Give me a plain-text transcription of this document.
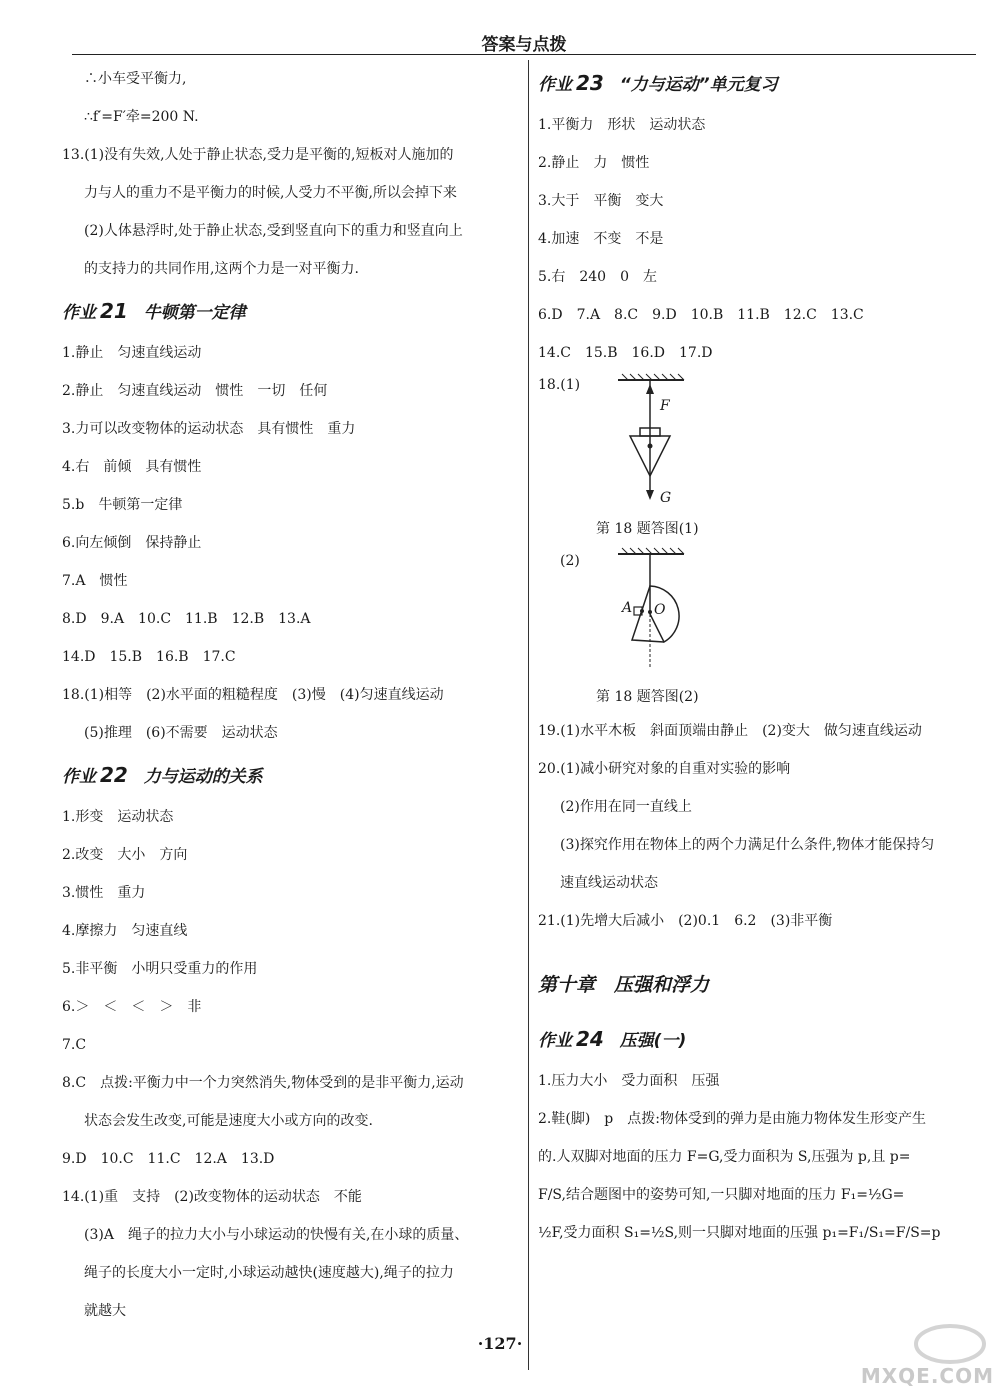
答案与点拨
∴小车受平衡力,
∴f′=F′牵=200 N.
13.(1)没有失效,人处于静止状态,受力是平衡的,短板对人施加的
力与人的重力不是平衡力的时候,人受力不平衡,所以会掉下来
(2)人体悬浮时,处于静止状态,受到竖直向下的重力和竖直向上
的支持力的共同作用,这两个力是一对平衡力.
作业 21 牛顿第一定律
1.静止　匀速直线运动
2.静止　匀速直线运动　惯性　一切　任何
3.力可以改变物体的运动状态　具有惯性　重力
4.右　前倾　具有惯性
5.b　牛顿第一定律
6.向左倾倒　保持静止
7.A　惯性
8.D　9.A　10.C　11.B　12.B　13.A
14.D　15.B　16.B　17.C
18.(1)相等　(2)水平面的粗糙程度　(3)慢　(4)匀速直线运动
(5)推理　(6)不需要　运动状态
作业 22 力与运动的关系
1.形变　运动状态
2.改变　大小　方向
3.惯性　重力
4.摩擦力　匀速直线
5.非平衡　小明只受重力的作用
6.＞　＜　＜　＞　非
7.C
8.C　点拨:平衡力中一个力突然消失,物体受到的是非平衡力,运动
状态会发生改变,可能是速度大小或方向的改变.
9.D　10.C　11.C　12.A　13.D
14.(1)重　支持　(2)改变物体的运动状态　不能
(3)A　绳子的拉力大小与小球运动的快慢有关,在小球的质量、
绳子的长度大小一定时,小球运动越快(速度越大),绳子的拉力
就越大
作业 23 “力与运动”单元复习
1.平衡力　形状　运动状态
2.静止　力　惯性
3.大于　平衡　变大
4.加速　不变　不是
5.右　240　0　左
6.D　7.A　8.C　9.D　10.B　11.B　12.C　13.C
14.C　15.B　16.D　17.D
18.(1)
F
G
第 18 题答图(1)
(2)
A O
第 18 题答图(2)
19.(1)水平木板　斜面顶端由静止　(2)变大　做匀速直线运动
20.(1)减小研究对象的自重对实验的影响
(2)作用在同一直线上
(3)探究作用在物体上的两个力满足什么条件,物体才能保持匀
速直线运动状态
21.(1)先增大后减小　(2)0.1　6.2　(3)非平衡
第十章　压强和浮力
作业 24 压强(一)
1.压力大小　受力面积　压强
2.鞋(脚)　p　点拨:物体受到的弹力是由施力物体发生形变产生
的.人双脚对地面的压力 F=G,受力面积为 S,压强为 p,且 p=
F/S,结合题图中的姿势可知,一只脚对地面的压力 F₁=½G=
½F,受力面积 S₁=½S,则一只脚对地面的压强 p₁=F₁/S₁=F/S=p
·127·
MXQE.COM
